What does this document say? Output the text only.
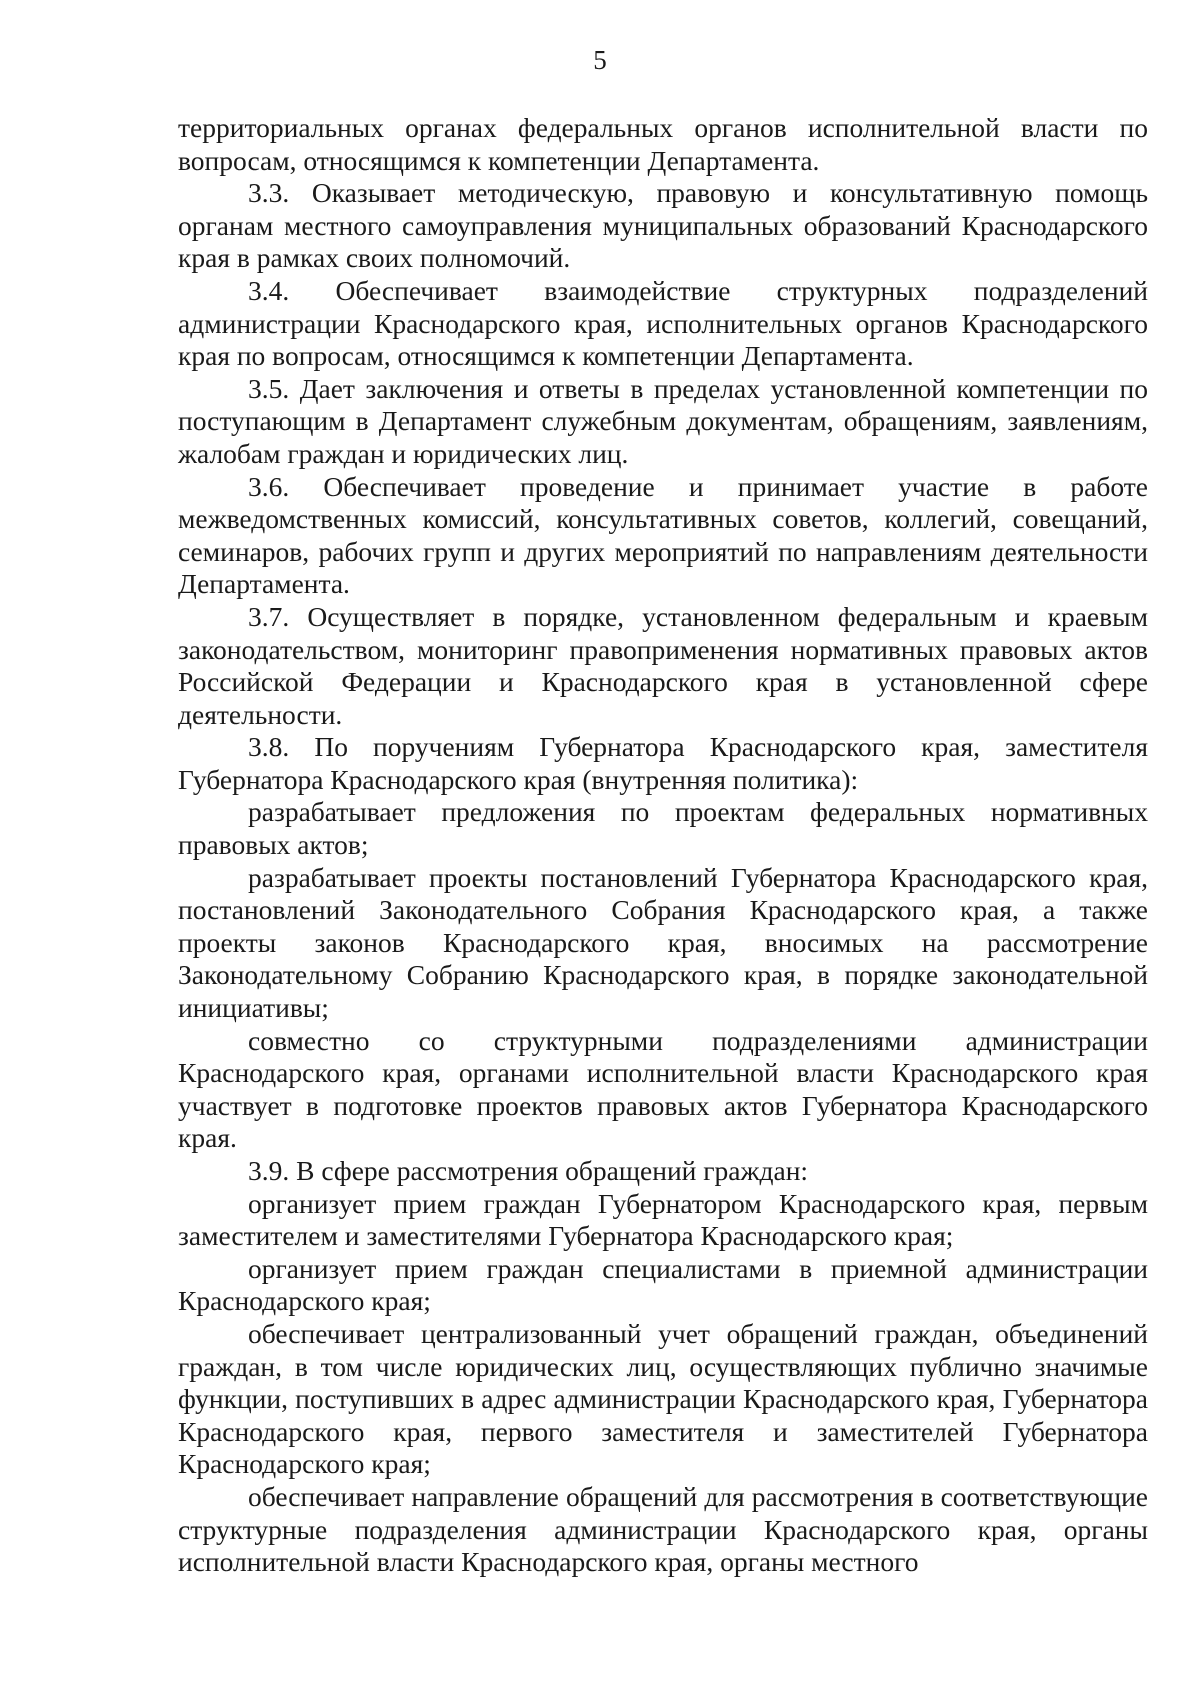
5

территориальных органах федеральных органов исполнительной власти по вопросам, относящимся к компетенции Департамента.

3.3. Оказывает методическую, правовую и консультативную помощь органам местного самоуправления муниципальных образований Краснодарского края в рамках своих полномочий.

3.4. Обеспечивает взаимодействие структурных подразделений администрации Краснодарского края, исполнительных органов Краснодарского края по вопросам, относящимся к компетенции Департамента.

3.5. Дает заключения и ответы в пределах установленной компетенции по поступающим в Департамент служебным документам, обращениям, заявлениям, жалобам граждан и юридических лиц.

3.6. Обеспечивает проведение и принимает участие в работе межведомственных комиссий, консультативных советов, коллегий, совещаний, семинаров, рабочих групп и других мероприятий по направлениям деятельности Департамента.

3.7. Осуществляет в порядке, установленном федеральным и краевым законодательством, мониторинг правоприменения нормативных правовых актов Российской Федерации и Краснодарского края в установленной сфере деятельности.

3.8. По поручениям Губернатора Краснодарского края, заместителя Губернатора Краснодарского края (внутренняя политика):

разрабатывает предложения по проектам федеральных нормативных правовых актов;

разрабатывает проекты постановлений Губернатора Краснодарского края, постановлений Законодательного Собрания Краснодарского края, а также проекты законов Краснодарского края, вносимых на рассмотрение Законодательному Собранию Краснодарского края, в порядке законодательной инициативы;

совместно со структурными подразделениями администрации Краснодарского края, органами исполнительной власти Краснодарского края участвует в подготовке проектов правовых актов Губернатора Краснодарского края.

3.9. В сфере рассмотрения обращений граждан:

организует прием граждан Губернатором Краснодарского края, первым заместителем и заместителями Губернатора Краснодарского края;

организует прием граждан специалистами в приемной администрации Краснодарского края;

обеспечивает централизованный учет обращений граждан, объединений граждан, в том числе юридических лиц, осуществляющих публично значимые функции, поступивших в адрес администрации Краснодарского края, Губернатора Краснодарского края, первого заместителя и заместителей Губернатора Краснодарского края;

обеспечивает направление обращений для рассмотрения в соответствующие структурные подразделения администрации Краснодарского края, органы исполнительной власти Краснодарского края, органы местного
